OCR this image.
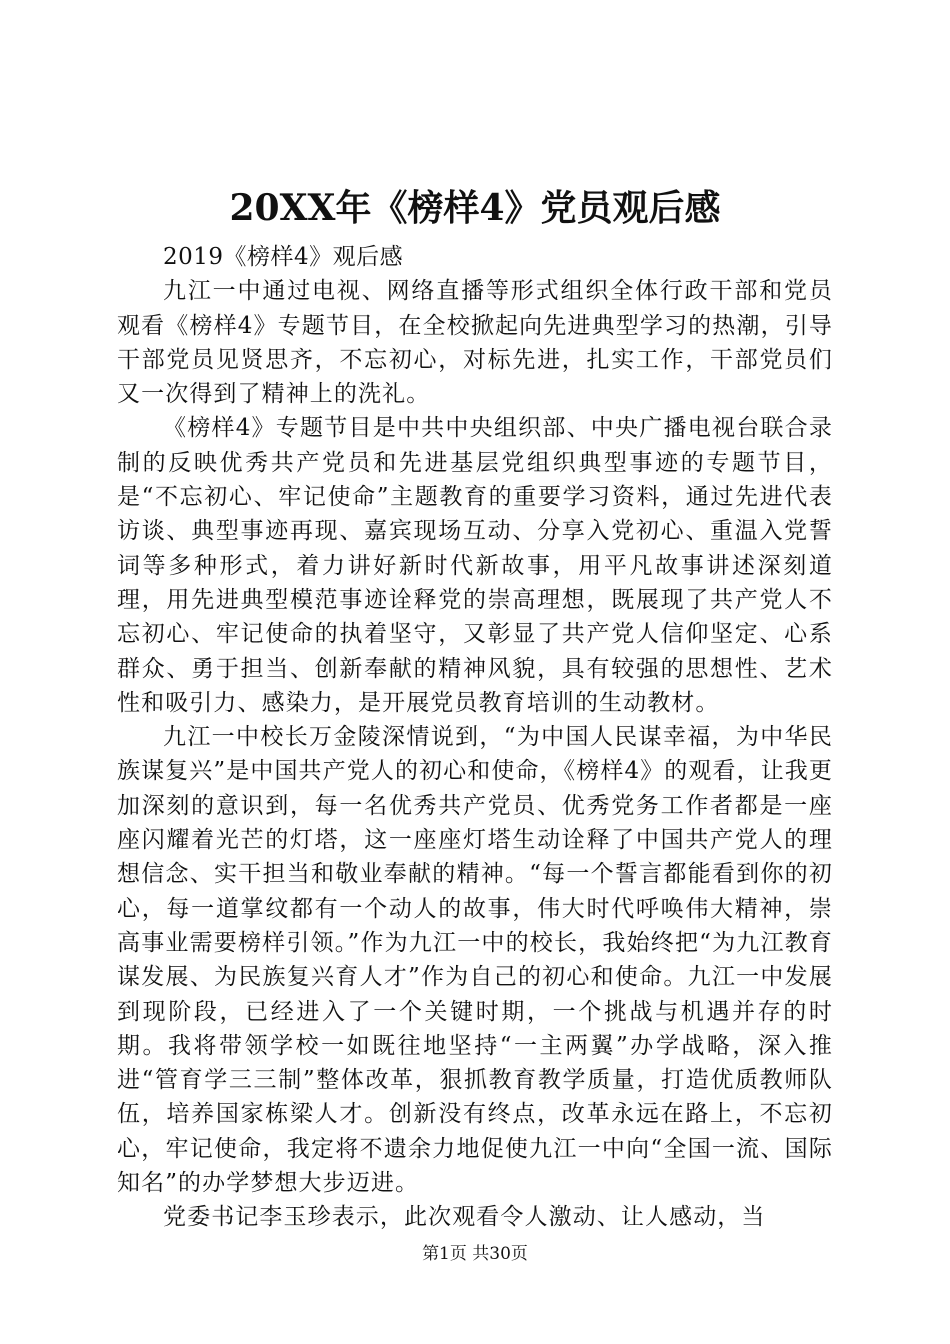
20XX年《榜样4》党员观后感

2019《榜样4》观后感

九江一中通过电视、网络直播等形式组织全体行政干部和党员观看《榜样4》专题节目，在全校掀起向先进典型学习的热潮，引导干部党员见贤思齐，不忘初心，对标先进，扎实工作，干部党员们又一次得到了精神上的洗礼。

《榜样4》专题节目是中共中央组织部、中央广播电视台联合录制的反映优秀共产党员和先进基层党组织典型事迹的专题节目，是“不忘初心、牢记使命”主题教育的重要学习资料，通过先进代表访谈、典型事迹再现、嘉宾现场互动、分享入党初心、重温入党誓词等多种形式，着力讲好新时代新故事，用平凡故事讲述深刻道理，用先进典型模范事迹诠释党的崇高理想，既展现了共产党人不忘初心、牢记使命的执着坚守，又彰显了共产党人信仰坚定、心系群众、勇于担当、创新奉献的精神风貌，具有较强的思想性、艺术性和吸引力、感染力，是开展党员教育培训的生动教材。

九江一中校长万金陵深情说到，“为中国人民谋幸福，为中华民族谋复兴”是中国共产党人的初心和使命，《榜样4》的观看，让我更加深刻的意识到，每一名优秀共产党员、优秀党务工作者都是一座座闪耀着光芒的灯塔，这一座座灯塔生动诠释了中国共产党人的理想信念、实干担当和敬业奉献的精神。“每一个誓言都能看到你的初心，每一道掌纹都有一个动人的故事，伟大时代呼唤伟大精神，崇高事业需要榜样引领。”作为九江一中的校长，我始终把“为九江教育谋发展、为民族复兴育人才”作为自己的初心和使命。九江一中发展到现阶段，已经进入了一个关键时期，一个挑战与机遇并存的时期。我将带领学校一如既往地坚持“一主两翼”办学战略，深入推进“管育学三三制”整体改革，狠抓教育教学质量，打造优质教师队伍，培养国家栋梁人才。创新没有终点，改革永远在路上，不忘初心，牢记使命，我定将不遗余力地促使九江一中向“全国一流、国际知名”的办学梦想大步迈进。

党委书记李玉珍表示，此次观看令人激动、让人感动，当

第1页 共30页
